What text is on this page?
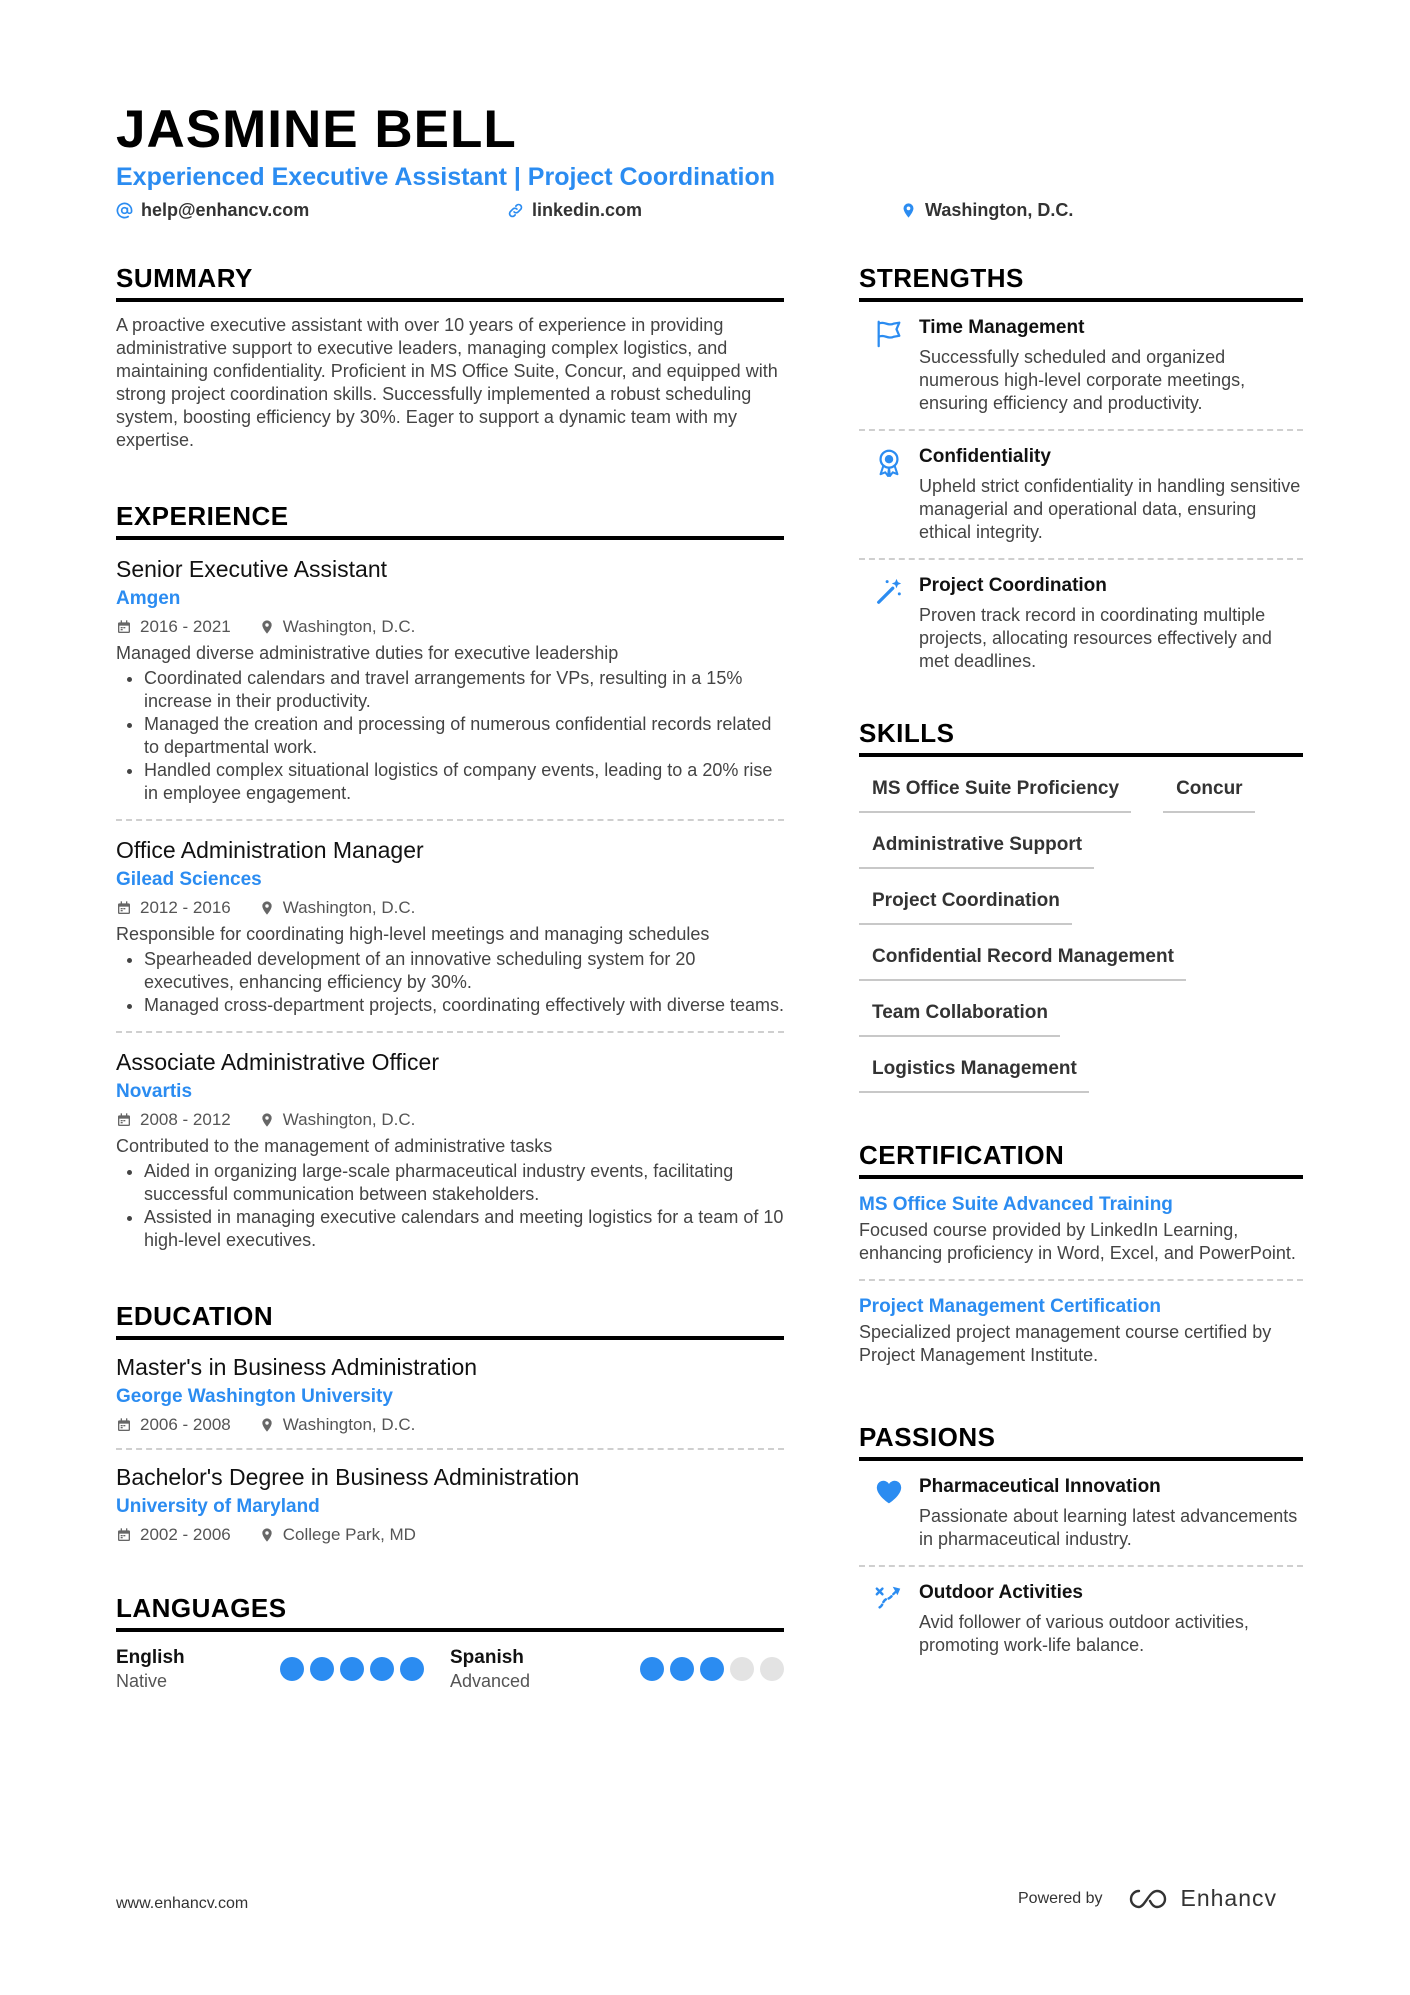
JASMINE BELL
Experienced Executive Assistant | Project Coordination
help@enhancv.com	linkedin.com	Washington, D.C.
SUMMARY
A proactive executive assistant with over 10 years of experience in providing administrative support to executive leaders, managing complex logistics, and maintaining confidentiality. Proficient in MS Office Suite, Concur, and equipped with strong project coordination skills. Successfully implemented a robust scheduling system, boosting efficiency by 30%. Eager to support a dynamic team with my expertise.
EXPERIENCE
Senior Executive Assistant
Amgen
2016 - 2021	Washington, D.C.
Managed diverse administrative duties for executive leadership
• Coordinated calendars and travel arrangements for VPs, resulting in a 15% increase in their productivity.
• Managed the creation and processing of numerous confidential records related to departmental work.
• Handled complex situational logistics of company events, leading to a 20% rise in employee engagement.
Office Administration Manager
Gilead Sciences
2012 - 2016	Washington, D.C.
Responsible for coordinating high-level meetings and managing schedules
• Spearheaded development of an innovative scheduling system for 20 executives, enhancing efficiency by 30%.
• Managed cross-department projects, coordinating effectively with diverse teams.
Associate Administrative Officer
Novartis
2008 - 2012	Washington, D.C.
Contributed to the management of administrative tasks
• Aided in organizing large-scale pharmaceutical industry events, facilitating successful communication between stakeholders.
• Assisted in managing executive calendars and meeting logistics for a team of 10 high-level executives.
EDUCATION
Master's in Business Administration
George Washington University
2006 - 2008	Washington, D.C.
Bachelor's Degree in Business Administration
University of Maryland
2002 - 2006	College Park, MD
LANGUAGES
English
Native
Spanish
Advanced
STRENGTHS
Time Management
Successfully scheduled and organized numerous high-level corporate meetings, ensuring efficiency and productivity.
Confidentiality
Upheld strict confidentiality in handling sensitive managerial and operational data, ensuring ethical integrity.
Project Coordination
Proven track record in coordinating multiple projects, allocating resources effectively and met deadlines.
SKILLS
MS Office Suite Proficiency	Concur
Administrative Support
Project Coordination
Confidential Record Management
Team Collaboration
Logistics Management
CERTIFICATION
MS Office Suite Advanced Training
Focused course provided by LinkedIn Learning, enhancing proficiency in Word, Excel, and PowerPoint.
Project Management Certification
Specialized project management course certified by Project Management Institute.
PASSIONS
Pharmaceutical Innovation
Passionate about learning latest advancements in pharmaceutical industry.
Outdoor Activities
Avid follower of various outdoor activities, promoting work-life balance.
www.enhancv.com	Powered by	Enhancv
